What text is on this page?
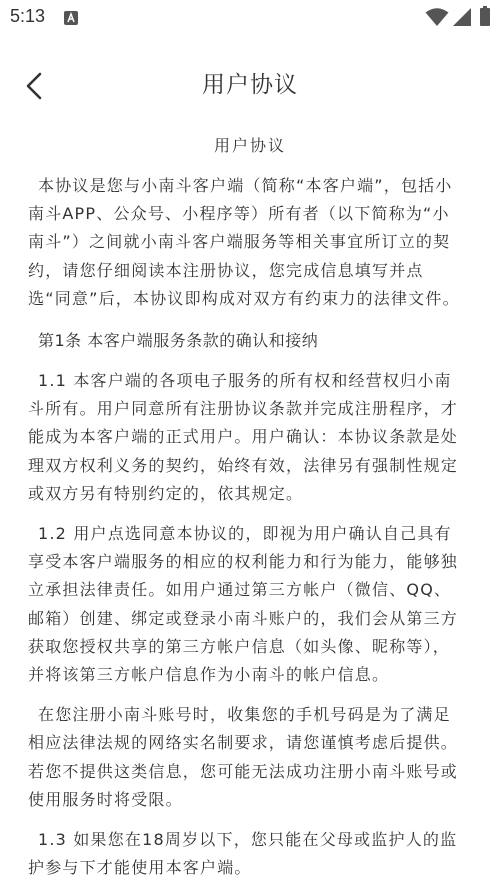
5:13
用户协议
用户协议

本协议是您与小南斗客户端（简称“本客户端”，包括小南斗APP、公众号、小程序等）所有者（以下简称为“小南斗”）之间就小南斗客户端服务等相关事宜所订立的契约，请您仔细阅读本注册协议，您完成信息填写并点选“同意”后，本协议即构成对双方有约束力的法律文件。

第1条 本客户端服务条款的确认和接纳

1.1 本客户端的各项电子服务的所有权和经营权归小南斗所有。用户同意所有注册协议条款并完成注册程序，才能成为本客户端的正式用户。用户确认：本协议条款是处理双方权利义务的契约，始终有效，法律另有强制性规定或双方另有特别约定的，依其规定。

1.2 用户点选同意本协议的，即视为用户确认自己具有享受本客户端服务的相应的权利能力和行为能力，能够独立承担法律责任。如用户通过第三方帐户（微信、QQ、邮箱）创建、绑定或登录小南斗账户的，我们会从第三方获取您授权共享的第三方帐户信息（如头像、昵称等），并将该第三方帐户信息作为小南斗的帐户信息。

在您注册小南斗账号时，收集您的手机号码是为了满足相应法律法规的网络实名制要求，请您谨慎考虑后提供。若您不提供这类信息，您可能无法成功注册小南斗账号或使用服务时将受限。

1.3 如果您在18周岁以下，您只能在父母或监护人的监护参与下才能使用本客户端。
